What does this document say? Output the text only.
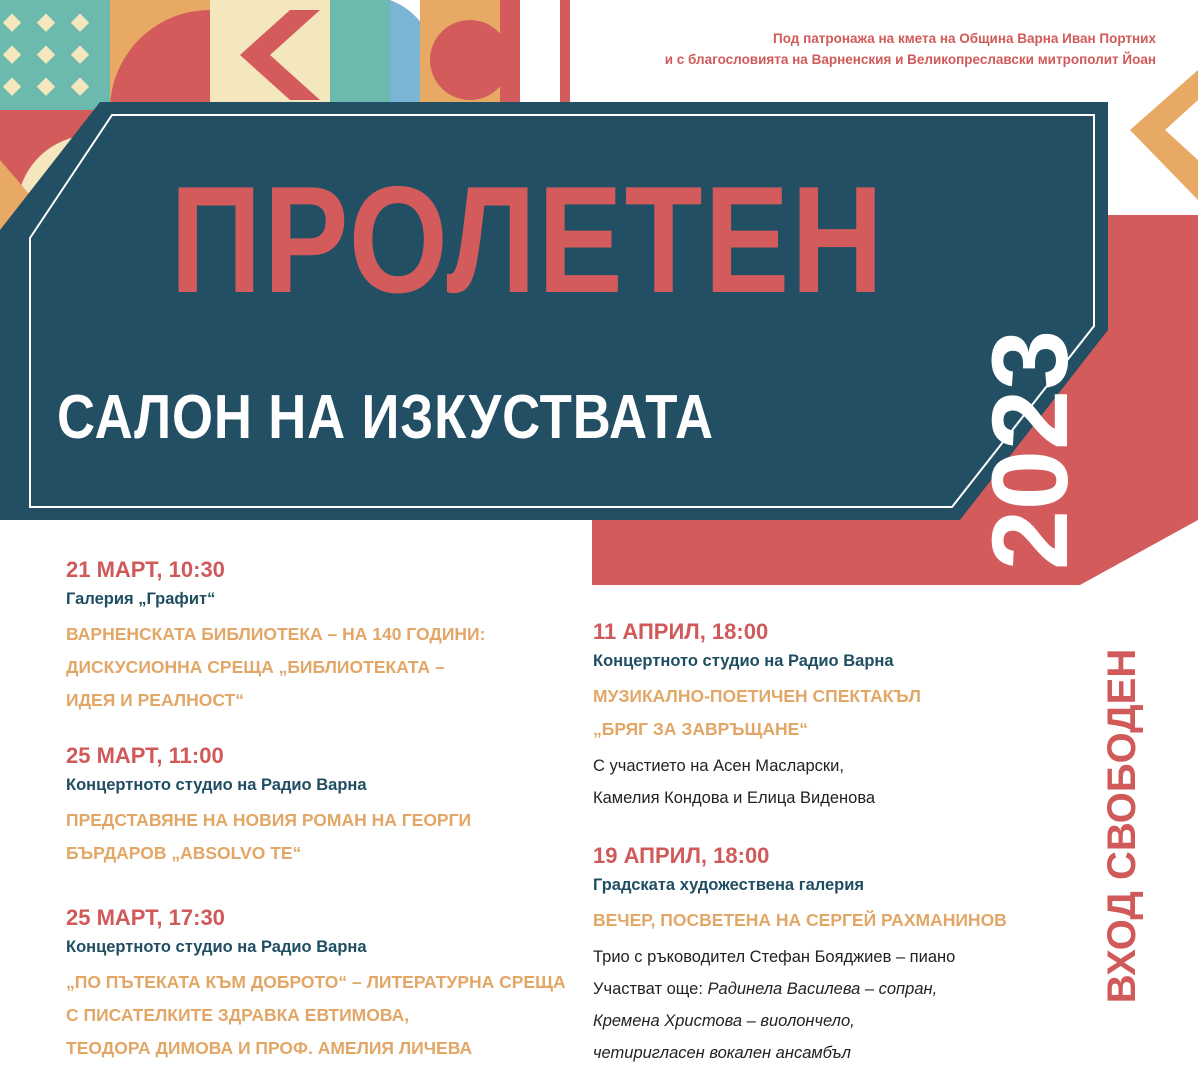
Под патронажа на кмета на Община Варна Иван Портних
и с благословията на Варненския и Великопреславски митрополит Йоан
ПРОЛЕТЕН
САЛОН НА ИЗКУСТВАТА	2023
ВХОД СВОБОДЕН
21 МАРТ, 10:30
Галерия „Графит“
ВАРНЕНСКАТА БИБЛИОТЕКА – НА 140 ГОДИНИ:
ДИСКУСИОННА СРЕЩА „БИБЛИОТЕКАТА –
ИДЕЯ И РЕАЛНОСТ“
25 МАРТ, 11:00
Концертното студио на Радио Варна
ПРЕДСТАВЯНЕ НА НОВИЯ РОМАН НА ГЕОРГИ
БЪРДАРОВ „ABSOLVO TE“
25 МАРТ, 17:30
Концертното студио на Радио Варна
„ПО ПЪТЕКАТА КЪМ ДОБРОТО“ – ЛИТЕРАТУРНА СРЕЩА
С ПИСАТЕЛКИТЕ ЗДРАВКА ЕВТИМОВА,
ТЕОДОРА ДИМОВА И ПРОФ. АМЕЛИЯ ЛИЧЕВА
11 АПРИЛ, 18:00
Концертното студио на Радио Варна
МУЗИКАЛНО-ПОЕТИЧЕН СПЕКТАКЪЛ
„БРЯГ ЗА ЗАВРЪЩАНЕ“
С участието на Асен Масларски,
Камелия Кондова и Елица Виденова
19 АПРИЛ, 18:00
Градската художествена галерия
ВЕЧЕР, ПОСВЕТЕНА НА СЕРГЕЙ РАХМАНИНОВ
Трио с ръководител Стефан Бояджиев – пиано
Участват още: Радинела Василева – сопран,
Кремена Христова – виолончело,
четиригласен вокален ансамбъл
